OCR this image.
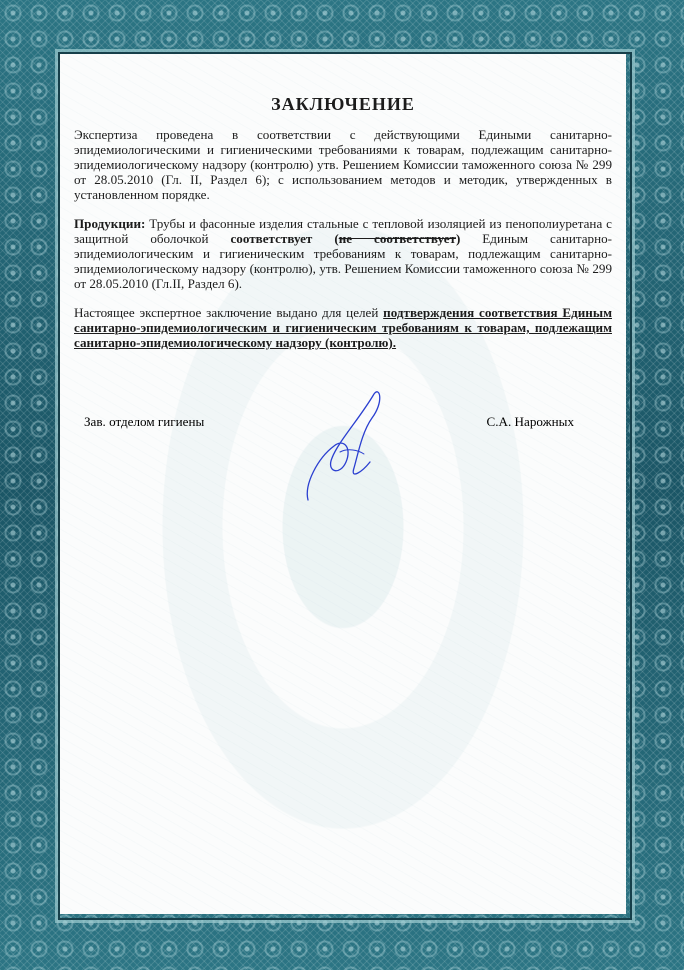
ЗАКЛЮЧЕНИЕ

Экспертиза проведена в соответствии с действующими Едиными санитарно-эпидемиологическими и гигиеническими требованиями к товарам, подлежащим санитарно-эпидемиологическому надзору (контролю) утв. Решением Комиссии таможенного союза № 299 от 28.05.2010 (Гл. II, Раздел 6); с использованием методов и методик, утвержденных в установленном порядке.

Продукции: Трубы и фасонные изделия стальные с тепловой изоляцией из пенополиуретана с защитной оболочкой соответствует (не соответствует) Единым санитарно-эпидемиологическим и гигиеническим требованиям к товарам, подлежащим санитарно-эпидемиологическому надзору (контролю), утв. Решением Комиссии таможенного союза № 299 от 28.05.2010 (Гл.II, Раздел 6).

Настоящее экспертное заключение выдано для целей подтверждения соответствия Единым санитарно-эпидемиологическим и гигиеническим требованиям к товарам, подлежащим санитарно-эпидемиологическому надзору (контролю).

Зав. отделом гигиены	С.А. Нарожных
